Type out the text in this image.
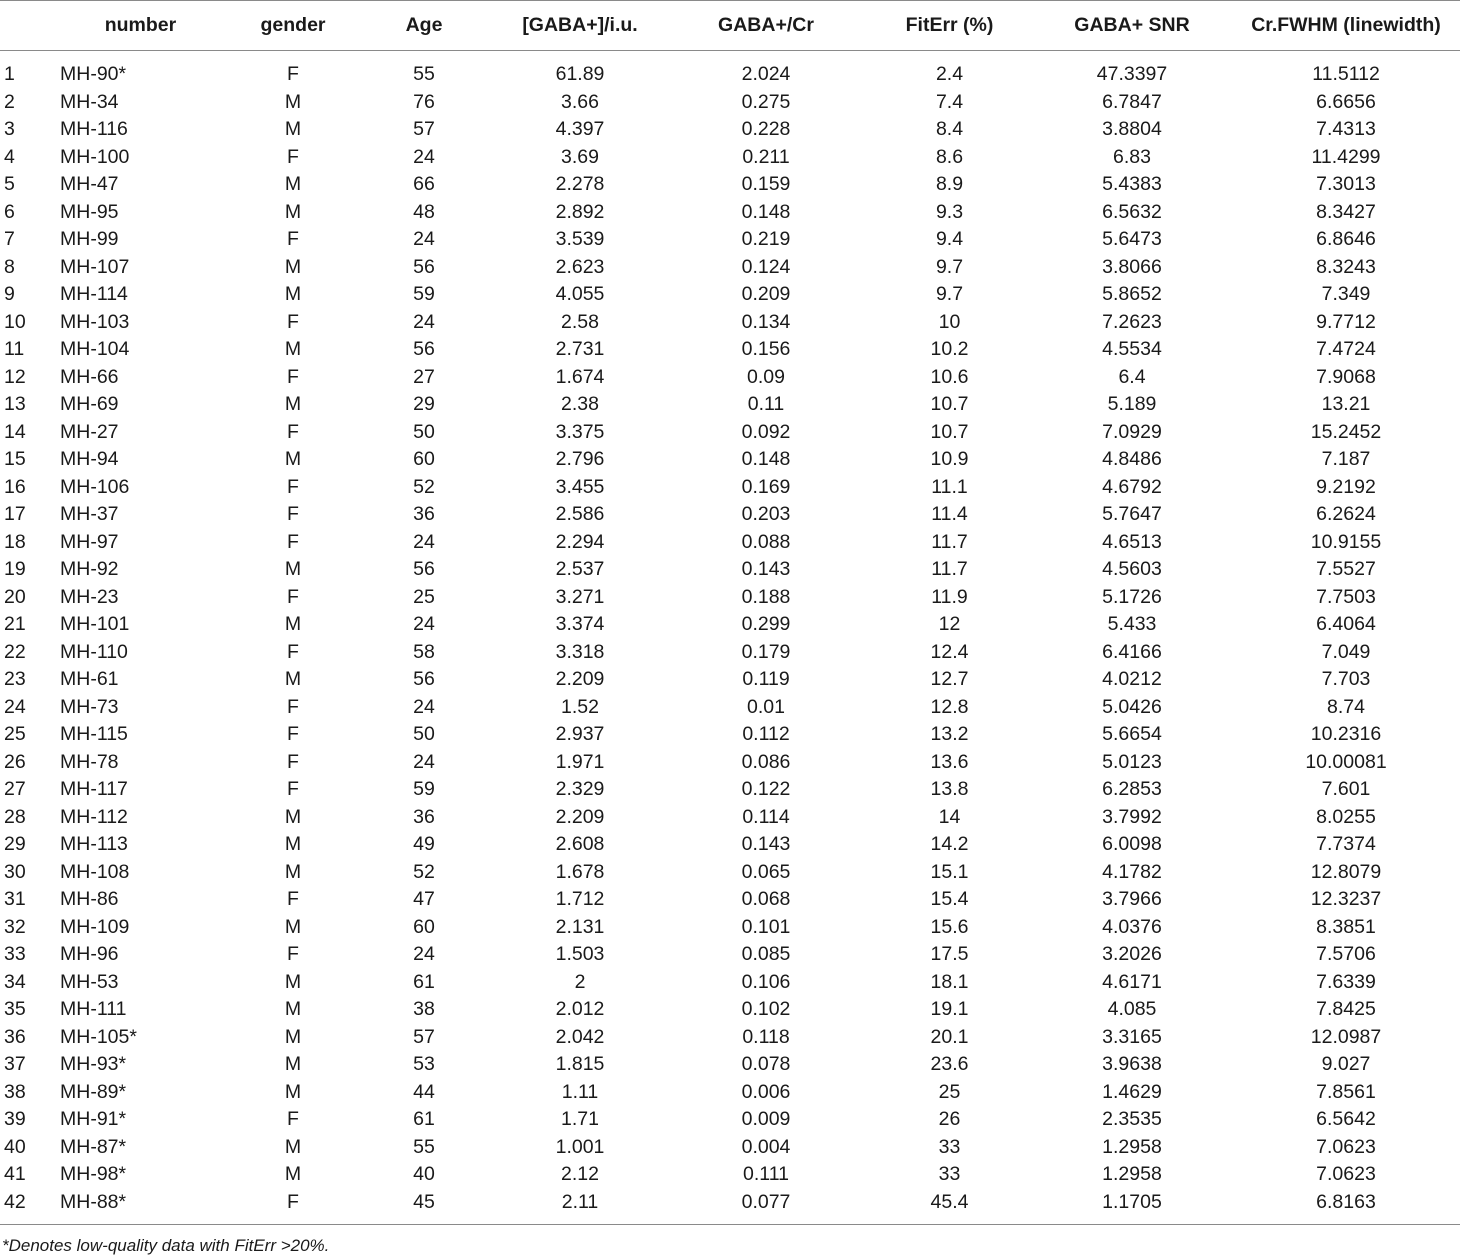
	number	gender	Age	[GABA+]/i.u.	GABA+/Cr	FitErr (%)	GABA+ SNR	Cr.FWHM (linewidth)
1	MH-90*	F	55	61.89	2.024	2.4	47.3397	11.5112
2	MH-34	M	76	3.66	0.275	7.4	6.7847	6.6656
3	MH-116	M	57	4.397	0.228	8.4	3.8804	7.4313
4	MH-100	F	24	3.69	0.211	8.6	6.83	11.4299
5	MH-47	M	66	2.278	0.159	8.9	5.4383	7.3013
6	MH-95	M	48	2.892	0.148	9.3	6.5632	8.3427
7	MH-99	F	24	3.539	0.219	9.4	5.6473	6.8646
8	MH-107	M	56	2.623	0.124	9.7	3.8066	8.3243
9	MH-114	M	59	4.055	0.209	9.7	5.8652	7.349
10	MH-103	F	24	2.58	0.134	10	7.2623	9.7712
11	MH-104	M	56	2.731	0.156	10.2	4.5534	7.4724
12	MH-66	F	27	1.674	0.09	10.6	6.4	7.9068
13	MH-69	M	29	2.38	0.11	10.7	5.189	13.21
14	MH-27	F	50	3.375	0.092	10.7	7.0929	15.2452
15	MH-94	M	60	2.796	0.148	10.9	4.8486	7.187
16	MH-106	F	52	3.455	0.169	11.1	4.6792	9.2192
17	MH-37	F	36	2.586	0.203	11.4	5.7647	6.2624
18	MH-97	F	24	2.294	0.088	11.7	4.6513	10.9155
19	MH-92	M	56	2.537	0.143	11.7	4.5603	7.5527
20	MH-23	F	25	3.271	0.188	11.9	5.1726	7.7503
21	MH-101	M	24	3.374	0.299	12	5.433	6.4064
22	MH-110	F	58	3.318	0.179	12.4	6.4166	7.049
23	MH-61	M	56	2.209	0.119	12.7	4.0212	7.703
24	MH-73	F	24	1.52	0.01	12.8	5.0426	8.74
25	MH-115	F	50	2.937	0.112	13.2	5.6654	10.2316
26	MH-78	F	24	1.971	0.086	13.6	5.0123	10.00081
27	MH-117	F	59	2.329	0.122	13.8	6.2853	7.601
28	MH-112	M	36	2.209	0.114	14	3.7992	8.0255
29	MH-113	M	49	2.608	0.143	14.2	6.0098	7.7374
30	MH-108	M	52	1.678	0.065	15.1	4.1782	12.8079
31	MH-86	F	47	1.712	0.068	15.4	3.7966	12.3237
32	MH-109	M	60	2.131	0.101	15.6	4.0376	8.3851
33	MH-96	F	24	1.503	0.085	17.5	3.2026	7.5706
34	MH-53	M	61	2	0.106	18.1	4.6171	7.6339
35	MH-111	M	38	2.012	0.102	19.1	4.085	7.8425
36	MH-105*	M	57	2.042	0.118	20.1	3.3165	12.0987
37	MH-93*	M	53	1.815	0.078	23.6	3.9638	9.027
38	MH-89*	M	44	1.11	0.006	25	1.4629	7.8561
39	MH-91*	F	61	1.71	0.009	26	2.3535	6.5642
40	MH-87*	M	55	1.001	0.004	33	1.2958	7.0623
41	MH-98*	M	40	2.12	0.111	33	1.2958	7.0623
42	MH-88*	F	45	2.11	0.077	45.4	1.1705	6.8163
*Denotes low-quality data with FitErr >20%.
